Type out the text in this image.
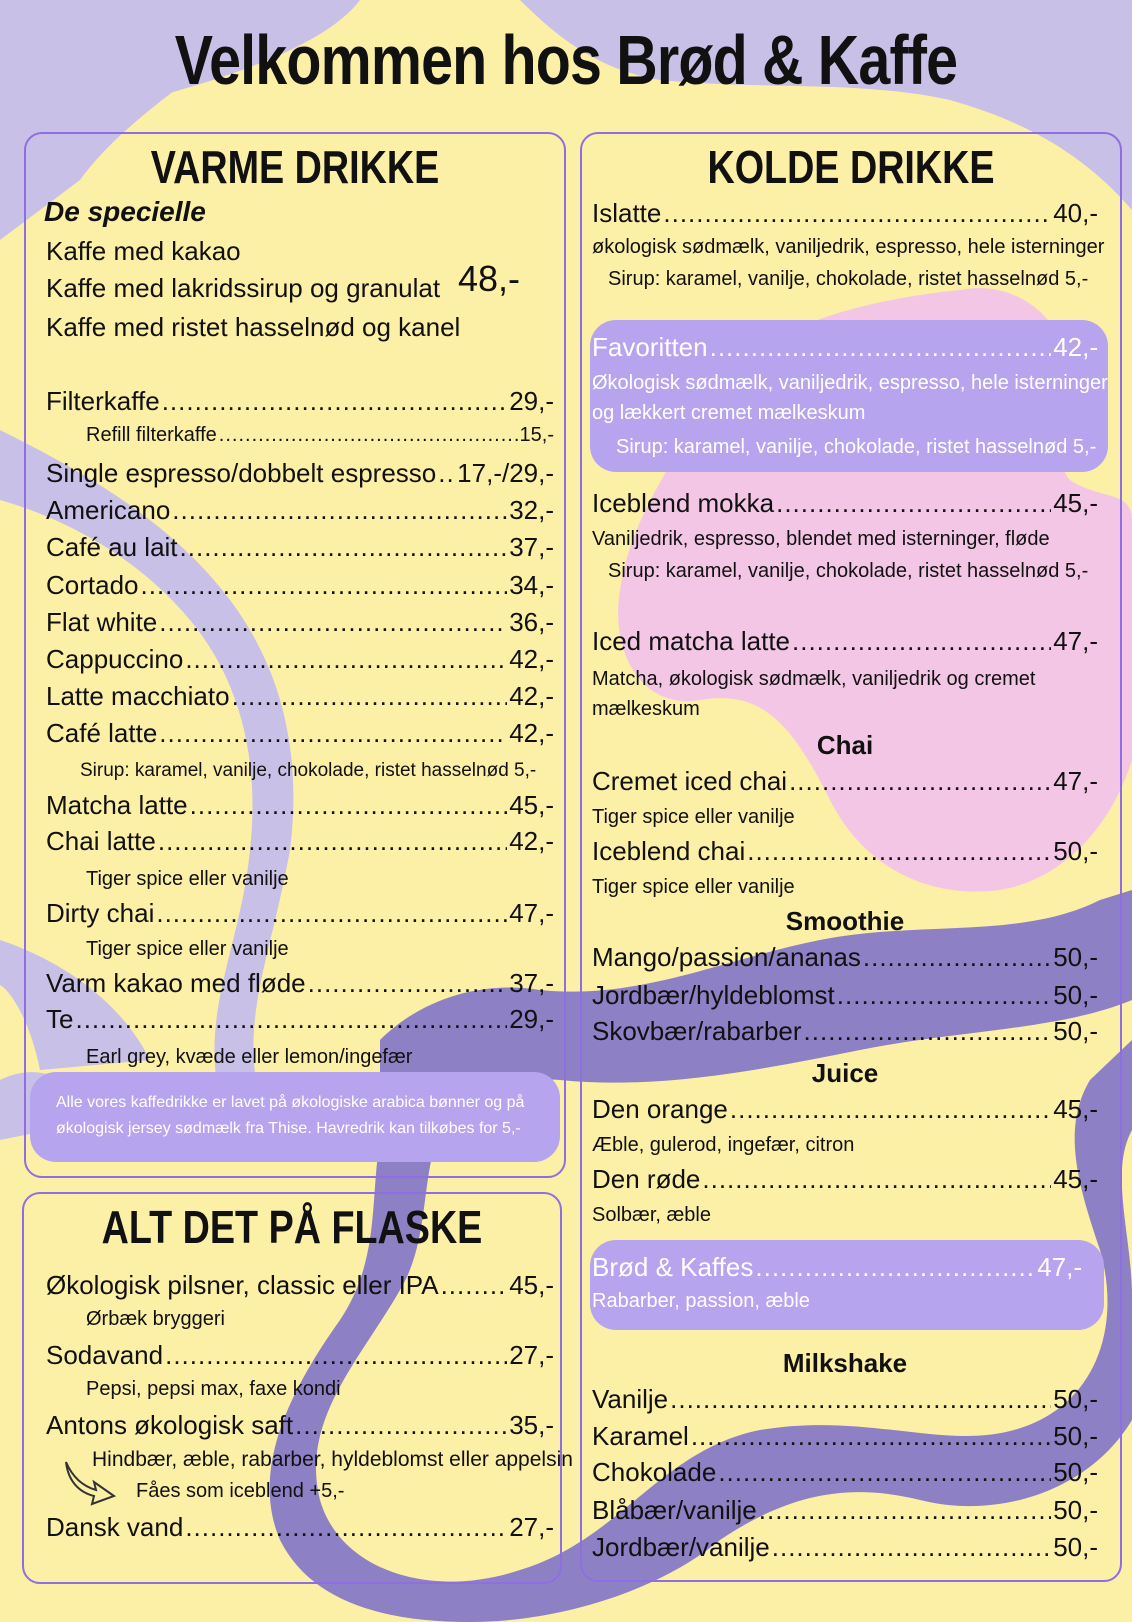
Velkommen hos Brød & Kaffe
VARME DRIKKE
De specielle
Kaffe med kakao
Kaffe med lakridssirup og granulat
Kaffe med ristet hasselnød og kanel
48,-
Filterkaffe .....	29,-
Refill filterkaffe .....	15,-
Single espresso/dobbelt espresso ..... 17,-/29,-
Americano .....	32,-
Café au lait .....	37,-
Cortado .....	34,-
Flat white .....	36,-
Cappuccino .....	42,-
Latte macchiato .....	42,-
Café latte .....	42,-
Sirup: karamel, vanilje, chokolade, ristet hasselnød 5,-
Matcha latte .....	45,-
Chai latte .....	42,-
Tiger spice eller vanilje
Dirty chai .....	47,-
Tiger spice eller vanilje
Varm kakao med fløde .....	37,-
Te .....	29,-
Earl grey, kvæde eller lemon/ingefær
Alle vores kaffedrikke er lavet på økologiske arabica bønner og på
økologisk jersey sødmælk fra Thise. Havredrik kan tilkøbes for 5,-
ALT DET PÅ FLASKE
Økologisk pilsner, classic eller IPA .....	45,-
Ørbæk bryggeri
Sodavand .....	27,-
Pepsi, pepsi max, faxe kondi
Antons økologisk saft .....	35,-
Hindbær, æble, rabarber, hyldeblomst eller appelsin
Fåes som iceblend +5,-
Dansk vand .....	27,-
KOLDE DRIKKE
Islatte .....	40,-
økologisk sødmælk, vaniljedrik, espresso, hele isterninger
Sirup: karamel, vanilje, chokolade, ristet hasselnød 5,-
Favoritten .....	42,-
Økologisk sødmælk, vaniljedrik, espresso, hele isterninger
og lækkert cremet mælkeskum
Sirup: karamel, vanilje, chokolade, ristet hasselnød 5,-
Iceblend mokka .....	45,-
Vaniljedrik, espresso, blendet med isterninger, fløde
Sirup: karamel, vanilje, chokolade, ristet hasselnød 5,-
Iced matcha latte .....	47,-
Matcha, økologisk sødmælk, vaniljedrik og cremet
mælkeskum
Chai
Cremet iced chai .....	47,-
Tiger spice eller vanilje
Iceblend chai .....	50,-
Tiger spice eller vanilje
Smoothie
Mango/passion/ananas .....	50,-
Jordbær/hyldeblomst .....	50,-
Skovbær/rabarber .....	50,-
Juice
Den orange .....	45,-
Æble, gulerod, ingefær, citron
Den røde .....	45,-
Solbær, æble
Brød & Kaffes .....	47,-
Rabarber, passion, æble
Milkshake
Vanilje .....	50,-
Karamel .....	50,-
Chokolade .....	50,-
Blåbær/vanilje .....	50,-
Jordbær/vanilje .....	50,-
